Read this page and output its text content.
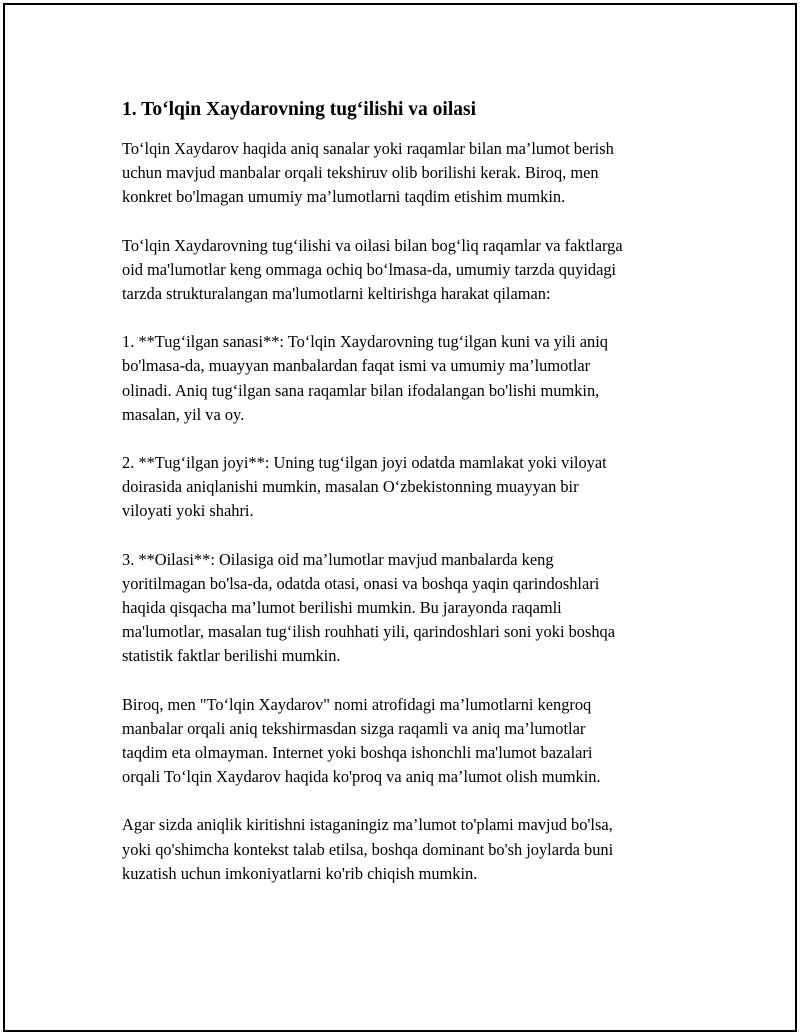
1. To‘lqin Xaydarovning tug‘ilishi va oilasi

To‘lqin Xaydarov haqida aniq sanalar yoki raqamlar bilan ma’lumot berish
uchun mavjud manbalar orqali tekshiruv olib borilishi kerak. Biroq, men
konkret bo'lmagan umumiy ma’lumotlarni taqdim etishim mumkin.

To‘lqin Xaydarovning tug‘ilishi va oilasi bilan bog‘liq raqamlar va faktlarga
oid ma'lumotlar keng ommaga ochiq bo‘lmasa-da, umumiy tarzda quyidagi
tarzda strukturalangan ma'lumotlarni keltirishga harakat qilaman:

1. **Tug‘ilgan sanasi**: To‘lqin Xaydarovning tug‘ilgan kuni va yili aniq
bo'lmasa-da, muayyan manbalardan faqat ismi va umumiy ma’lumotlar
olinadi. Aniq tug‘ilgan sana raqamlar bilan ifodalangan bo'lishi mumkin,
masalan, yil va oy.

2. **Tug‘ilgan joyi**: Uning tug‘ilgan joyi odatda mamlakat yoki viloyat
doirasida aniqlanishi mumkin, masalan O‘zbekistonning muayyan bir
viloyati yoki shahri.

3. **Oilasi**: Oilasiga oid ma’lumotlar mavjud manbalarda keng
yoritilmagan bo'lsa-da, odatda otasi, onasi va boshqa yaqin qarindoshlari
haqida qisqacha ma’lumot berilishi mumkin. Bu jarayonda raqamli
ma'lumotlar, masalan tug‘ilish rouhhati yili, qarindoshlari soni yoki boshqa
statistik faktlar berilishi mumkin.

Biroq, men "To‘lqin Xaydarov" nomi atrofidagi ma’lumotlarni kengroq
manbalar orqali aniq tekshirmasdan sizga raqamli va aniq ma’lumotlar
taqdim eta olmayman. Internet yoki boshqa ishonchli ma'lumot bazalari
orqali To‘lqin Xaydarov haqida ko'proq va aniq ma’lumot olish mumkin.

Agar sizda aniqlik kiritishni istaganingiz ma’lumot to'plami mavjud bo'lsa,
yoki qo'shimcha kontekst talab etilsa, boshqa dominant bo'sh joylarda buni
kuzatish uchun imkoniyatlarni ko'rib chiqish mumkin.
